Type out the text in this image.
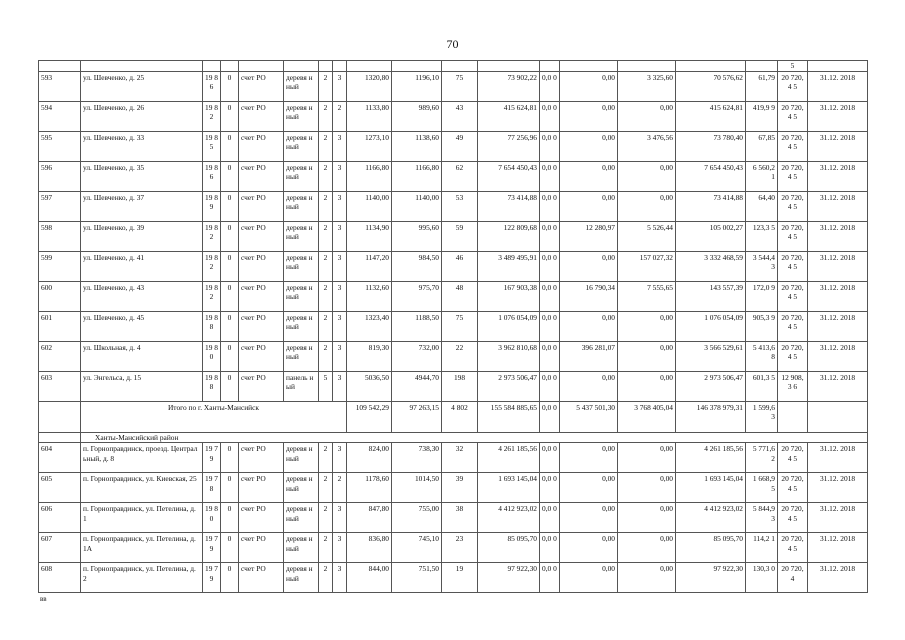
70
																	5	
593	ул. Шевченко, д. 25	19 86	0	счет РО	деревя нный	2	3	1320,80	1196,10	75	73 902,22	0,0 0	0,00	3 325,60	70 576,62	61,79	20 720,4 5	31.12. 2018
594	ул. Шевченко, д. 26	19 82	0	счет РО	деревя нный	2	2	1133,80	989,60	43	415 624,81	0,0 0	0,00	0,00	415 624,81	419,9 9	20 720,4 5	31.12. 2018
595	ул. Шевченко, д. 33	19 85	0	счет РО	деревя нный	2	3	1273,10	1138,60	49	77 256,96	0,0 0	0,00	3 476,56	73 780,40	67,85	20 720,4 5	31.12. 2018
596	ул. Шевченко, д. 35	19 86	0	счет РО	деревя нный	2	3	1166,80	1166,80	62	7 654 450,43	0,0 0	0,00	0,00	7 654 450,43	6 560,2 1	20 720,4 5	31.12. 2018
597	ул. Шевченко, д. 37	19 89	0	счет РО	деревя нный	2	3	1140,00	1140,00	53	73 414,88	0,0 0	0,00	0,00	73 414,88	64,40	20 720,4 5	31.12. 2018
598	ул. Шевченко, д. 39	19 82	0	счет РО	деревя нный	2	3	1134,90	995,60	59	122 809,68	0,0 0	12 280,97	5 526,44	105 002,27	123,3 5	20 720,4 5	31.12. 2018
599	ул. Шевченко, д. 41	19 82	0	счет РО	деревя нный	2	3	1147,20	984,50	46	3 489 495,91	0,0 0	0,00	157 027,32	3 332 468,59	3 544,4 3	20 720,4 5	31.12. 2018
600	ул. Шевченко, д. 43	19 82	0	счет РО	деревя нный	2	3	1132,60	975,70	48	167 903,38	0,0 0	16 790,34	7 555,65	143 557,39	172,0 9	20 720,4 5	31.12. 2018
601	ул. Шевченко, д. 45	19 88	0	счет РО	деревя нный	2	3	1323,40	1188,50	75	1 076 054,09	0,0 0	0,00	0,00	1 076 054,09	905,3 9	20 720,4 5	31.12. 2018
602	ул. Школьная, д. 4	19 80	0	счет РО	деревя нный	2	3	819,30	732,00	22	3 962 810,68	0,0 0	396 281,07	0,00	3 566 529,61	5 413,6 8	20 720,4 5	31.12. 2018
603	ул. Энгельса, д. 15	19 88	0	счет РО	панель ный	5	3	5036,50	4944,70	198	2 973 506,47	0,0 0	0,00	0,00	2 973 506,47	601,3 5	12 908,3 6	31.12. 2018
	Итого по г. Ханты-Мансийск							109 542,29	97 263,15	4 802	155 584 885,65	0,0 0	5 437 501,30	3 768 405,04	146 378 979,31	1 599,6 3		
	Ханты-Мансийский район																	
604	п. Горноправдинск, проезд. Центральный, д. 8	19 79	0	счет РО	деревя нный	2	3	824,00	738,30	32	4 261 185,56	0,0 0	0,00	0,00	4 261 185,56	5 771,6 2	20 720,4 5	31.12. 2018
605	п. Горноправдинск, ул. Киевская, 25	19 78	0	счет РО	деревя нный	2	2	1178,60	1014,50	39	1 693 145,04	0,0 0	0,00	0,00	1 693 145,04	1 668,9 5	20 720,4 5	31.12. 2018
606	п. Горноправдинск, ул. Петелина, д. 1	19 80	0	счет РО	деревя нный	2	3	847,80	755,00	38	4 412 923,02	0,0 0	0,00	0,00	4 412 923,02	5 844,9 3	20 720,4 5	31.12. 2018
607	п. Горноправдинск, ул. Петелина, д. 1А	19 79	0	счет РО	деревя нный	2	3	836,80	745,10	23	85 095,70	0,0 0	0,00	0,00	85 095,70	114,2 1	20 720,4 5	31.12. 2018
608	п. Горноправдинск, ул. Петелина, д. 2	19 79	0	счет РО	деревя нный	2	3	844,00	751,50	19	97 922,30	0,0 0	0,00	0,00	97 922,30	130,3 0	20 720,4	31.12. 2018
вв
